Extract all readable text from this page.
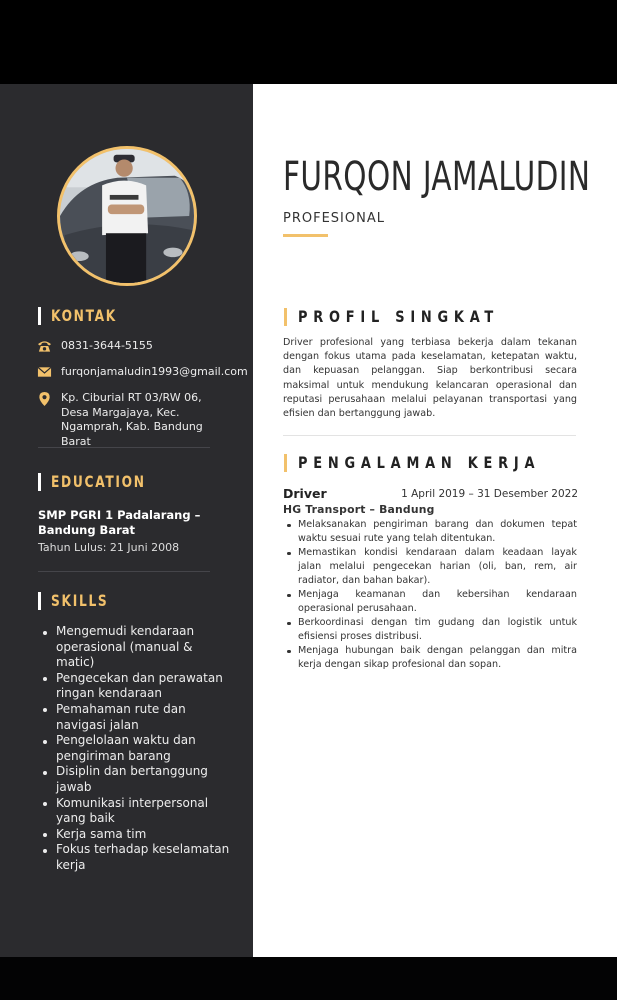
KONTAK
0831-3644-5155
furqonjamaludin1993@gmail.com
Kp. Ciburial RT 03/RW 06, Desa Margajaya, Kec. Ngamprah, Kab. Bandung Barat
EDUCATION
SMP PGRI 1 Padalarang – Bandung Barat
Tahun Lulus: 21 Juni 2008
SKILLS
Mengemudi kendaraan operasional (manual & matic)
Pengecekan dan perawatan ringan kendaraan
Pemahaman rute dan navigasi jalan
Pengelolaan waktu dan pengiriman barang
Disiplin dan bertanggung jawab
Komunikasi interpersonal yang baik
Kerja sama tim
Fokus terhadap keselamatan kerja
FURQON JAMALUDIN
PROFESIONAL
PROFIL SINGKAT

Driver profesional yang terbiasa bekerja dalam tekanan dengan fokus utama pada keselamatan, ketepatan waktu, dan kepuasan pelanggan. Siap berkontribusi secara maksimal untuk mendukung kelancaran operasional dan reputasi perusahaan melalui pelayanan transportasi yang efisien dan bertanggung jawab.

PENGALAMAN KERJA
Driver	1 April 2019 – 31 Desember 2022
HG Transport – Bandung
Melaksanakan pengiriman barang dan dokumen tepat waktu sesuai rute yang telah ditentukan.
Memastikan kondisi kendaraan dalam keadaan layak jalan melalui pengecekan harian (oli, ban, rem, air radiator, dan bahan bakar).
Menjaga keamanan dan kebersihan kendaraan operasional perusahaan.
Berkoordinasi dengan tim gudang dan logistik untuk efisiensi proses distribusi.
Menjaga hubungan baik dengan pelanggan dan mitra kerja dengan sikap profesional dan sopan.
